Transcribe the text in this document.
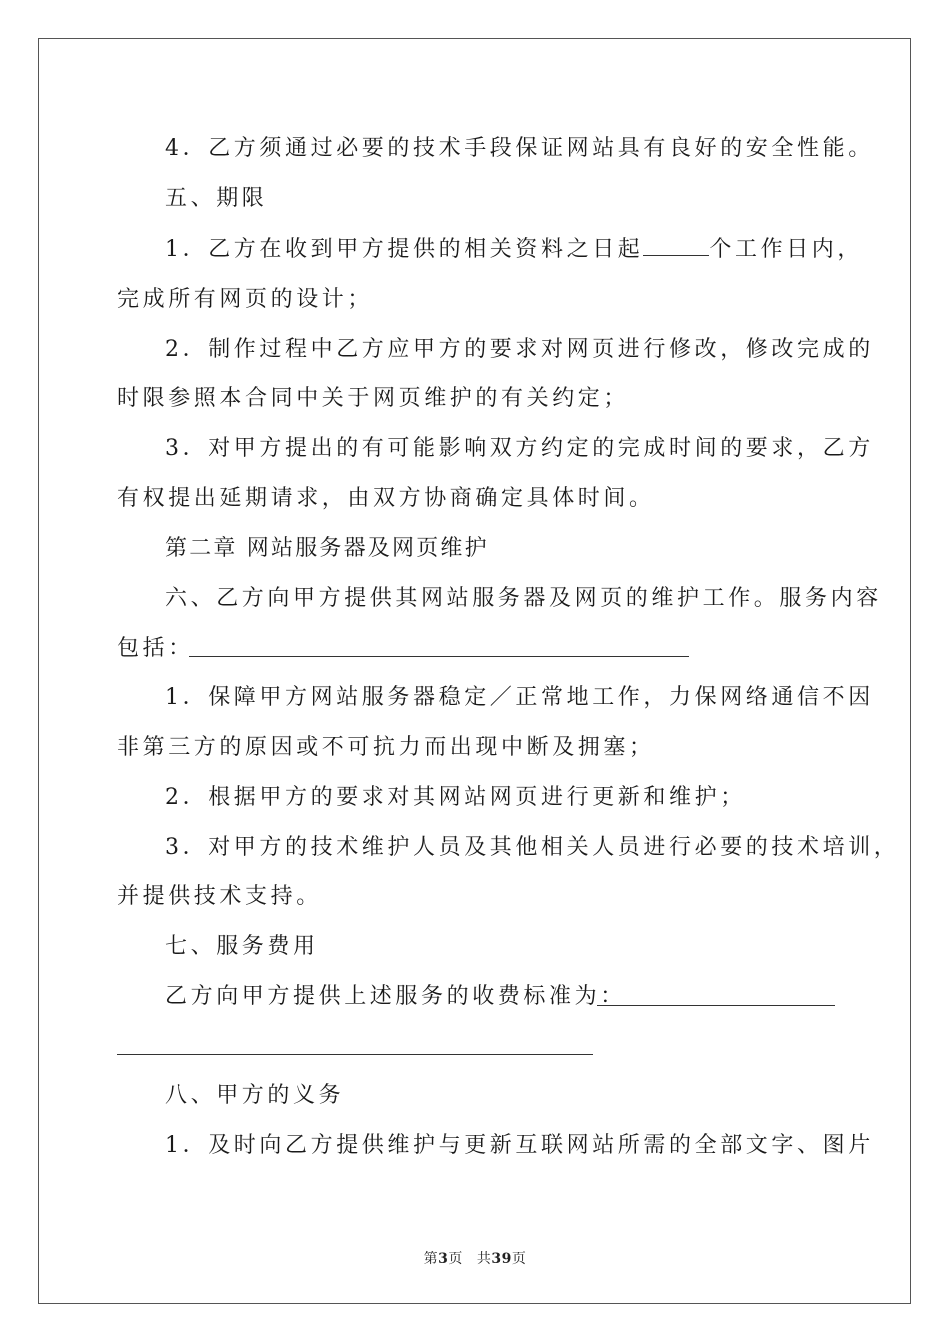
4．乙方须通过必要的技术手段保证网站具有良好的安全性能。
五、期限
1．乙方在收到甲方提供的相关资料之日起	个工作日内，
完成所有网页的设计；
2．制作过程中乙方应甲方的要求对网页进行修改，修改完成的
时限参照本合同中关于网页维护的有关约定；
3．对甲方提出的有可能影响双方约定的完成时间的要求，乙方
有权提出延期请求，由双方协商确定具体时间。
第二章 网站服务器及网页维护
六、乙方向甲方提供其网站服务器及网页的维护工作。服务内容
包括：
1．保障甲方网站服务器稳定／正常地工作，力保网络通信不因
非第三方的原因或不可抗力而出现中断及拥塞；
2．根据甲方的要求对其网站网页进行更新和维护；
3．对甲方的技术维护人员及其他相关人员进行必要的技术培训，
并提供技术支持。
七、服务费用
乙方向甲方提供上述服务的收费标准为：
八、甲方的义务
1．及时向乙方提供维护与更新互联网站所需的全部文字、图片
第3页 共39页
